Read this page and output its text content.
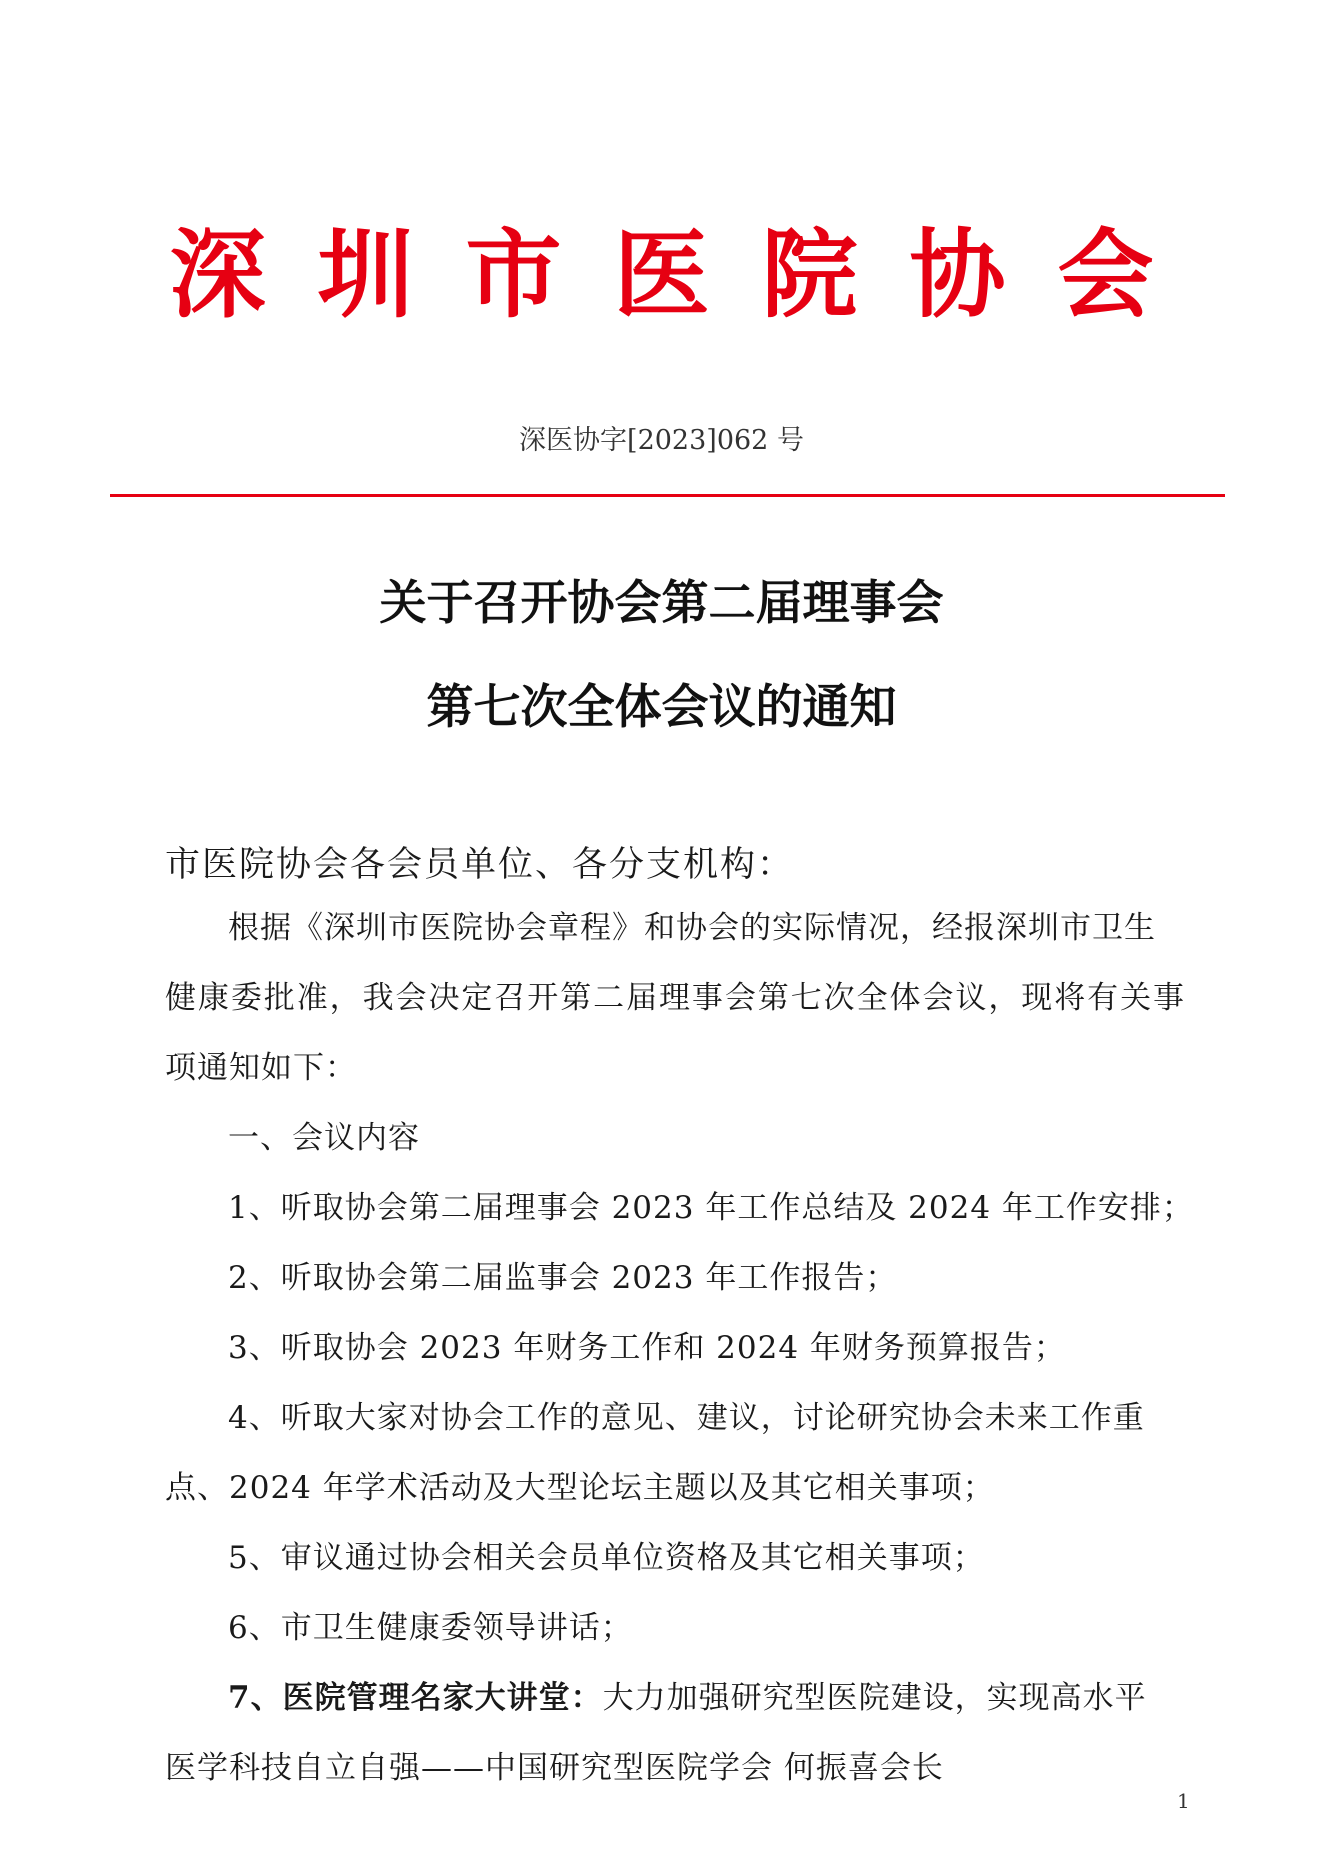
深圳市医院协会
深医协字[2023]062 号
关于召开协会第二届理事会
第七次全体会议的通知
市医院协会各会员单位、各分支机构：
根据《深圳市医院协会章程》和协会的实际情况，经报深圳市卫生
健康委批准，我会决定召开第二届理事会第七次全体会议，现将有关事
项通知如下：
一、会议内容
1、听取协会第二届理事会 2023 年工作总结及 2024 年工作安排；
2、听取协会第二届监事会 2023 年工作报告；
3、听取协会 2023 年财务工作和 2024 年财务预算报告；
4、听取大家对协会工作的意见、建议，讨论研究协会未来工作重
点、2024 年学术活动及大型论坛主题以及其它相关事项；
5、审议通过协会相关会员单位资格及其它相关事项；
6、市卫生健康委领导讲话；
7、医院管理名家大讲堂：大力加强研究型医院建设，实现高水平
医学科技自立自强——中国研究型医院学会 何振喜会长
1
